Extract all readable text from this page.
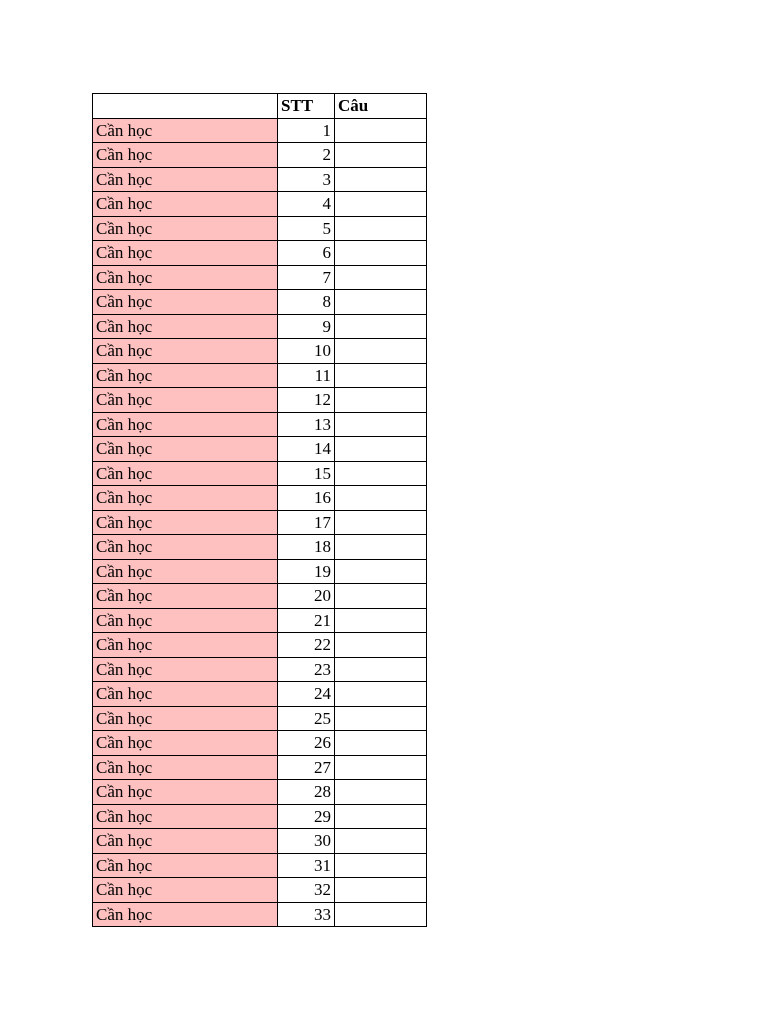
	STT	Câu
Cần học	1	
Cần học	2	
Cần học	3	
Cần học	4	
Cần học	5	
Cần học	6	
Cần học	7	
Cần học	8	
Cần học	9	
Cần học	10	
Cần học	11	
Cần học	12	
Cần học	13	
Cần học	14	
Cần học	15	
Cần học	16	
Cần học	17	
Cần học	18	
Cần học	19	
Cần học	20	
Cần học	21	
Cần học	22	
Cần học	23	
Cần học	24	
Cần học	25	
Cần học	26	
Cần học	27	
Cần học	28	
Cần học	29	
Cần học	30	
Cần học	31	
Cần học	32	
Cần học	33	
